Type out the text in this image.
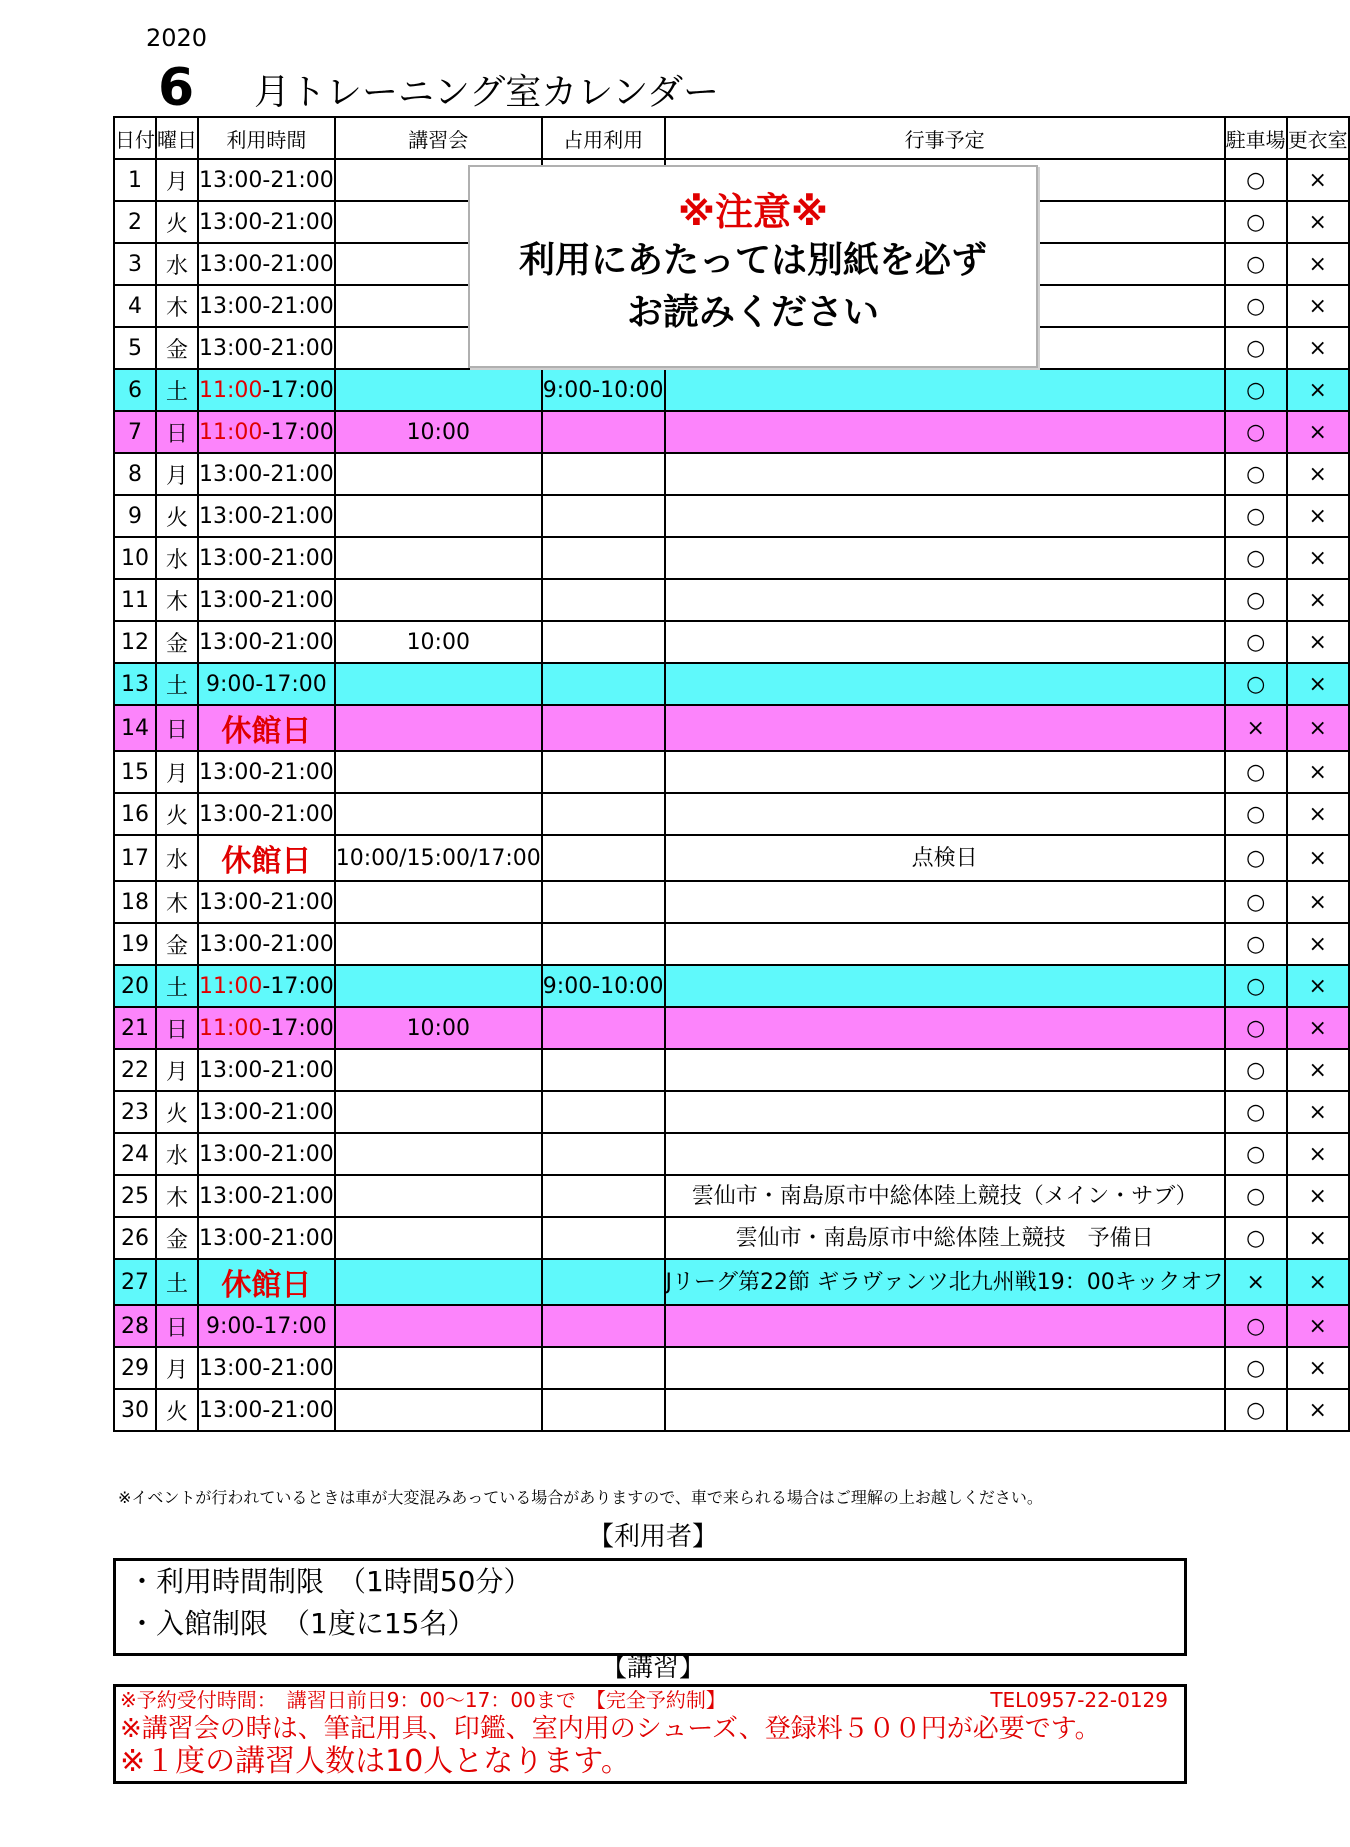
2020
6 月トレーニング室カレンダー
日付	曜日	利用時間	講習会	占用利用	行事予定	駐車場	更衣室
1	月	13:00-21:00				○	×
2	火	13:00-21:00				○	×
3	水	13:00-21:00				○	×
4	木	13:00-21:00				○	×
5	金	13:00-21:00				○	×
6	土	11:00-17:00		9:00-10:00		○	×
7	日	11:00-17:00	10:00			○	×
8	月	13:00-21:00				○	×
9	火	13:00-21:00				○	×
10	水	13:00-21:00				○	×
11	木	13:00-21:00				○	×
12	金	13:00-21:00	10:00			○	×
13	土	9:00-17:00				○	×
14	日	休館日				×	×
15	月	13:00-21:00				○	×
16	火	13:00-21:00				○	×
17	水	休館日	10:00/15:00/17:00		点検日	○	×
18	木	13:00-21:00				○	×
19	金	13:00-21:00				○	×
20	土	11:00-17:00		9:00-10:00		○	×
21	日	11:00-17:00	10:00			○	×
22	月	13:00-21:00				○	×
23	火	13:00-21:00				○	×
24	水	13:00-21:00				○	×
25	木	13:00-21:00			雲仙市・南島原市中総体陸上競技（メイン・サブ）	○	×
26	金	13:00-21:00			雲仙市・南島原市中総体陸上競技　予備日	○	×
27	土	休館日			Jリーグ第22節 ギラヴァンツ北九州戦19：00キックオフ	×	×
28	日	9:00-17:00				○	×
29	月	13:00-21:00				○	×
30	火	13:00-21:00				○	×
※注意※
利用にあたっては別紙を必ず
お読みください
※イベントが行われているときは車が大変混みあっている場合がありますので、車で来られる場合はご理解の上お越しください。
【利用者】
・利用時間制限　（1時間50分）
・入館制限　（1度に15名）
【講習】
※予約受付時間：　講習日前日9：00〜17：00まで　【完全予約制】	TEL0957-22-0129
※講習会の時は、筆記用具、印鑑、室内用のシューズ、登録料５００円が必要です。
※１度の講習人数は10人となります。
